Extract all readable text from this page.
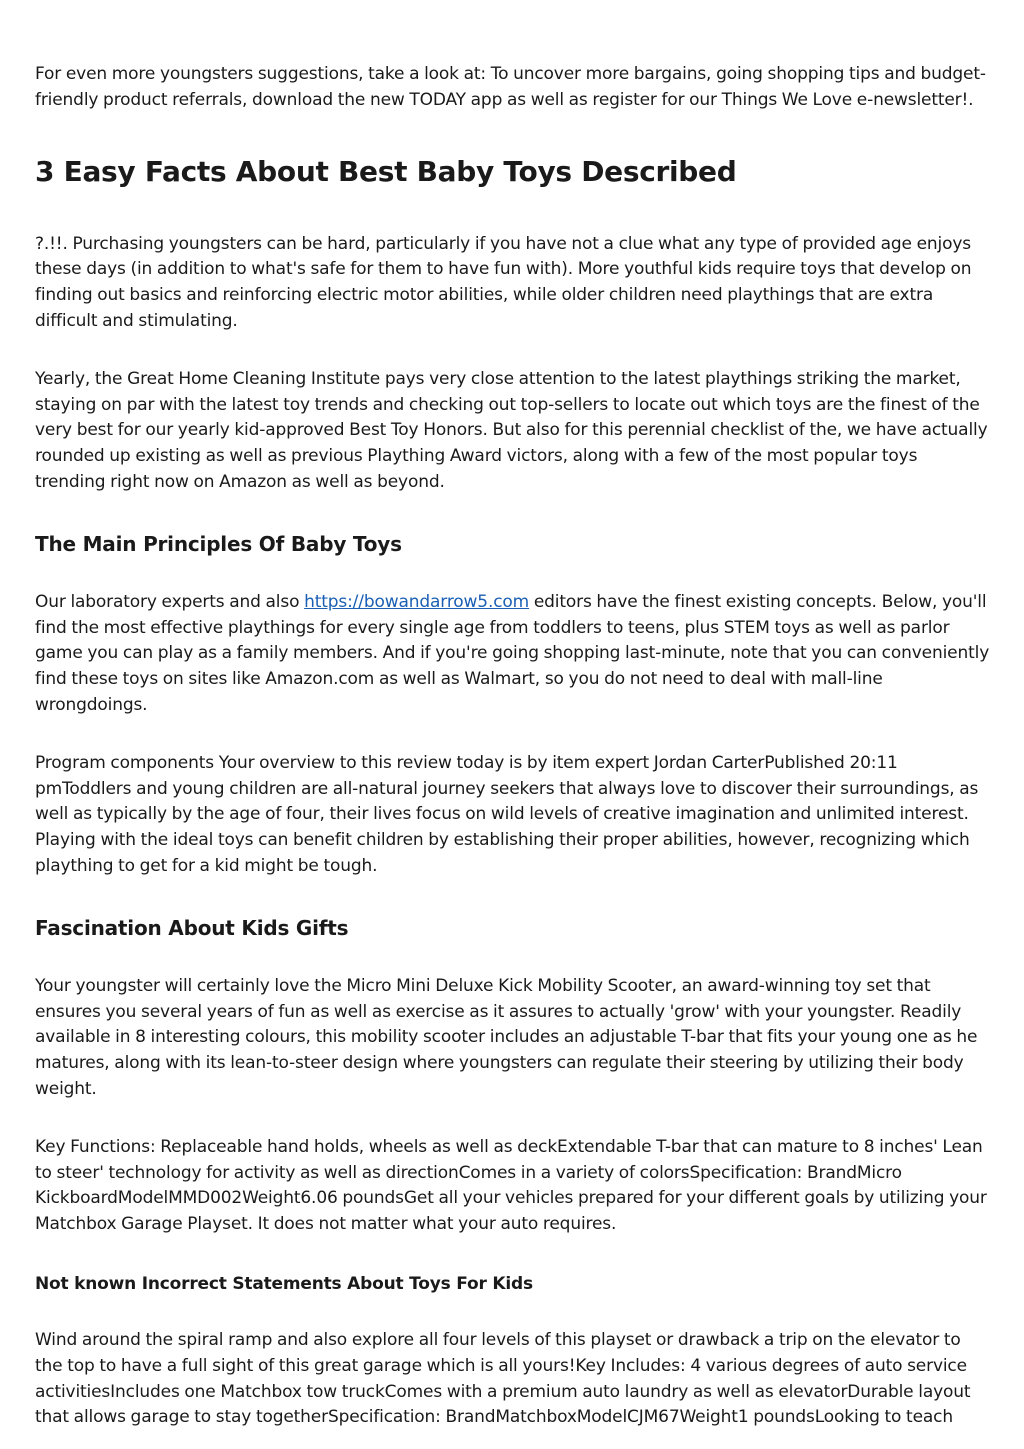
For even more youngsters suggestions, take a look at: To uncover more bargains, going shopping tips and budget-friendly product referrals, download the new TODAY app as well as register for our Things We Love e-newsletter!.

3 Easy Facts About Best Baby Toys Described

?.!!. Purchasing youngsters can be hard, particularly if you have not a clue what any type of provided age enjoys these days (in addition to what's safe for them to have fun with). More youthful kids require toys that develop on finding out basics and reinforcing electric motor abilities, while older children need playthings that are extra difficult and stimulating.

Yearly, the Great Home Cleaning Institute pays very close attention to the latest playthings striking the market, staying on par with the latest toy trends and checking out top-sellers to locate out which toys are the finest of the very best for our yearly kid-approved Best Toy Honors. But also for this perennial checklist of the, we have actually rounded up existing as well as previous Plaything Award victors, along with a few of the most popular toys trending right now on Amazon as well as beyond.

The Main Principles Of Baby Toys

Our laboratory experts and also https://bowandarrow5.com editors have the finest existing concepts. Below, you'll find the most effective playthings for every single age from toddlers to teens, plus STEM toys as well as parlor game you can play as a family members. And if you're going shopping last-minute, note that you can conveniently find these toys on sites like Amazon.com as well as Walmart, so you do not need to deal with mall-line wrongdoings.

Program components Your overview to this review today is by item expert Jordan CarterPublished 20:11 pmToddlers and young children are all-natural journey seekers that always love to discover their surroundings, as well as typically by the age of four, their lives focus on wild levels of creative imagination and unlimited interest. Playing with the ideal toys can benefit children by establishing their proper abilities, however, recognizing which plaything to get for a kid might be tough.

Fascination About Kids Gifts

Your youngster will certainly love the Micro Mini Deluxe Kick Mobility Scooter, an award-winning toy set that ensures you several years of fun as well as exercise as it assures to actually 'grow' with your youngster. Readily available in 8 interesting colours, this mobility scooter includes an adjustable T-bar that fits your young one as he matures, along with its lean-to-steer design where youngsters can regulate their steering by utilizing their body weight.

Key Functions: Replaceable hand holds, wheels as well as deckExtendable T-bar that can mature to 8 inches' Lean to steer' technology for activity as well as directionComes in a variety of colorsSpecification: BrandMicro KickboardModelMMD002Weight6.06 poundsGet all your vehicles prepared for your different goals by utilizing your Matchbox Garage Playset. It does not matter what your auto requires.

Not known Incorrect Statements About Toys For Kids

Wind around the spiral ramp and also explore all four levels of this playset or drawback a trip on the elevator to the top to have a full sight of this great garage which is all yours!Key Includes: 4 various degrees of auto service activitiesIncludes one Matchbox tow truckComes with a premium auto laundry as well as elevatorDurable layout that allows garage to stay togetherSpecification: BrandMatchboxModelCJM67Weight1 poundsLooking to teach
